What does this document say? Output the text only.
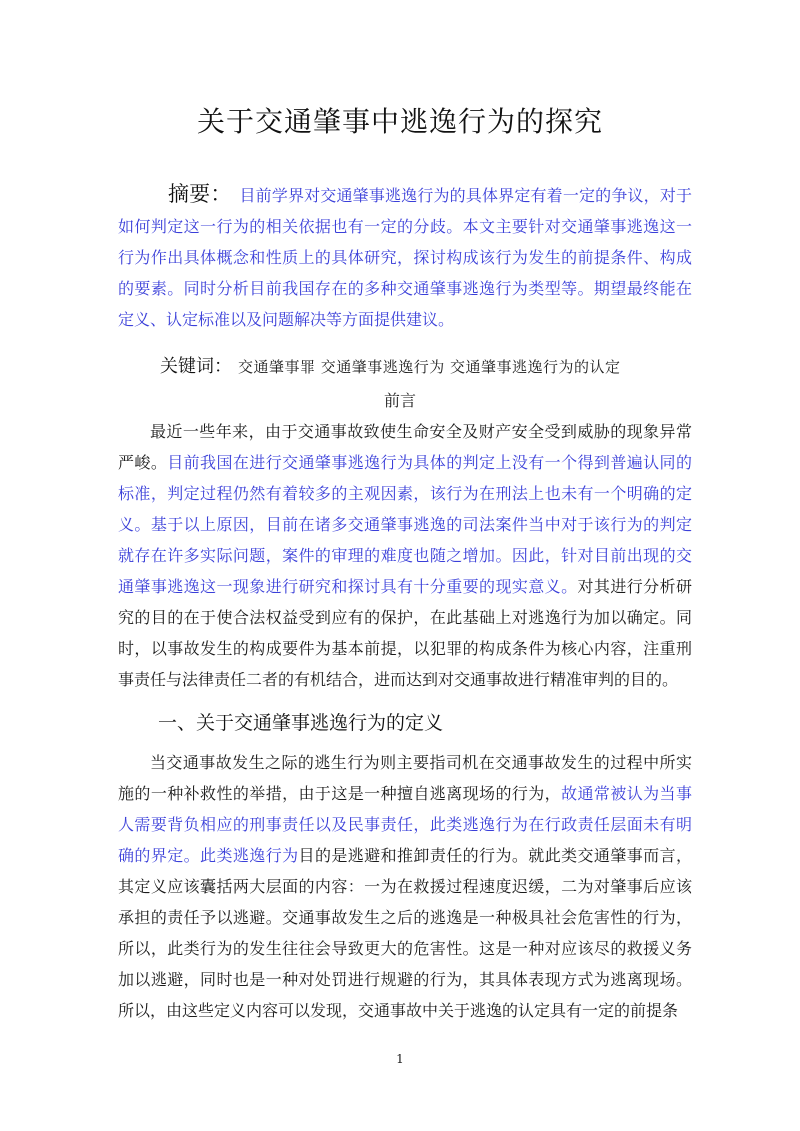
关于交通肇事中逃逸行为的探究
摘要： 目前学界对交通肇事逃逸行为的具体界定有着一定的争议，对于如何判定这一行为的相关依据也有一定的分歧。本文主要针对交通肇事逃逸这一行为作出具体概念和性质上的具体研究，探讨构成该行为发生的前提条件、构成的要素。同时分析目前我国存在的多种交通肇事逃逸行为类型等。期望最终能在定义、认定标准以及问题解决等方面提供建议。
关键词： 交通肇事罪 交通肇事逃逸行为 交通肇事逃逸行为的认定
前言
最近一些年来，由于交通事故致使生命安全及财产安全受到威胁的现象异常严峻。目前我国在进行交通肇事逃逸行为具体的判定上没有一个得到普遍认同的标准，判定过程仍然有着较多的主观因素，该行为在刑法上也未有一个明确的定义。基于以上原因，目前在诸多交通肇事逃逸的司法案件当中对于该行为的判定就存在许多实际问题，案件的审理的难度也随之增加。因此，针对目前出现的交通肇事逃逸这一现象进行研究和探讨具有十分重要的现实意义。对其进行分析研究的目的在于使合法权益受到应有的保护，在此基础上对逃逸行为加以确定。同时，以事故发生的构成要件为基本前提，以犯罪的构成条件为核心内容，注重刑事责任与法律责任二者的有机结合，进而达到对交通事故进行精准审判的目的。
一、关于交通肇事逃逸行为的定义
当交通事故发生之际的逃生行为则主要指司机在交通事故发生的过程中所实施的一种补救性的举措，由于这是一种擅自逃离现场的行为，故通常被认为当事人需要背负相应的刑事责任以及民事责任，此类逃逸行为在行政责任层面未有明确的界定。此类逃逸行为目的是逃避和推卸责任的行为。就此类交通肇事而言，其定义应该囊括两大层面的内容：一为在救援过程速度迟缓，二为对肇事后应该承担的责任予以逃避。交通事故发生之后的逃逸是一种极具社会危害性的行为，所以，此类行为的发生往往会导致更大的危害性。这是一种对应该尽的救援义务加以逃避，同时也是一种对处罚进行规避的行为，其具体表现方式为逃离现场。所以，由这些定义内容可以发现，交通事故中关于逃逸的认定具有一定的前提条
1
